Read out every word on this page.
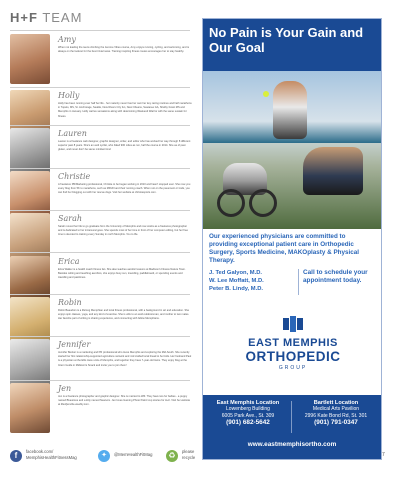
H+F TEAM
Amy
When not leading the teens climbing the Jerome Vibes course, Amy enjoys running, cycling, and swimming, and is always on the lookout for the best trivial news. Training inspiring fitness routes encourages her to stay healthy.
Holly
Holly has been running ever half her life - her maturity never has her own her key racing routines and half marathons in Tupelo, MS, St. Anchorage, Seattle, New Rivers City fun, New Orleans, Suwanee GA, Shelby forest MS and Memphis in January. Holly carries sensations along with determining Weekend Warrior with the same sustain for fitness.
Lauren
Lauren is a freelance web designer, graphic designer, writer, and editor who has worked her way through 8 different superior past 8 years. She's an avid cyclist, who biked 900 miles as run, half the course in 2014. She as of past gluten, and never don't be same mindset time!
Christie
A freelance PR/Marketing professional, Christie to be began working in 2010 and hasn't stopped ever. She now you every blog from 5K to marathons, such as MRUN and their running coach. When not on the pavement or trails, you can find her blogging out with her rescue dogs. Visit her website at christiesports.com.
Sarah
Sarah moved her life to go graduate from the University of Memphis and now works as a freelance photographer and is dedicated to her intramural goes. She spends most of her time in front of her computer editing, but her free time is devoted to training every Sunday in north Memphis. You to life.
Erica
Erica Walker is a health coach fitness fan. She also teaches aerobic lessons at Madison's Fitness Nature Town. Besides writing and teaching aerobics, she enjoys busy sun, travelling, paddleboard, or spending events and travelling and pasttimes.
Robin
Robin Beaudoin is a lifelong Memphian and local fitness professional, with a background in art and education. She enjoys spin classes, yoga, and any kind of exercise. She is wife to an avid outdoorsman, and mother to two males. Her favorite part of writing is sharing experience, and connecting with fellow Memphians.
Jennifer
Jennifer Becker is a marketing and PR professional who loves Memphis and exploring the Mid-South. She recently started her first relationship-supported agriculture network and mid crafted local bread to her kids. Her husband Paul is a physician at the Ellis trace units of Memphis, and together they have 7-year-old twins. They enjoy blog at the Intern Guide in Midtown's Snack and invite you to join them!
Jen
Jen is a freelance photographer and graphic designer. She is married to Will. They have two fur babies - a puppy named Bluestone and a kitty named Newsom. Jen loves Gaming Photo Patrol cup stories for H+F. Visit her website at lifeofjenvibe.weebly.com.
f	facebook.com/
MemphisHealthFitnessMag	✦	@MemHealthFitMag	♻	please
recycle
No Pain is Your Gain and Our Goal
Our experienced physicians are committed to providing exceptional patient care in Orthopedic Surgery, Sports Medicine, MAKOplasty & Physical Therapy.
J. Ted Galyon, M.D.
W. Lee Moffatt, M.D.
Peter B. Lindy, M.D.
Call to schedule your appointment today.
EAST MEMPHIS
ORTHOPEDIC
GROUP
East Memphis Location
Lowenberg Building
6005 Park Ave., St. 309
(901) 682-5642
Bartlett Location
Medical Arts Pavilion
2996 Kate Bond Rd, St. 301
(901) 791-0347
www.eastmemphisortho.com
7
